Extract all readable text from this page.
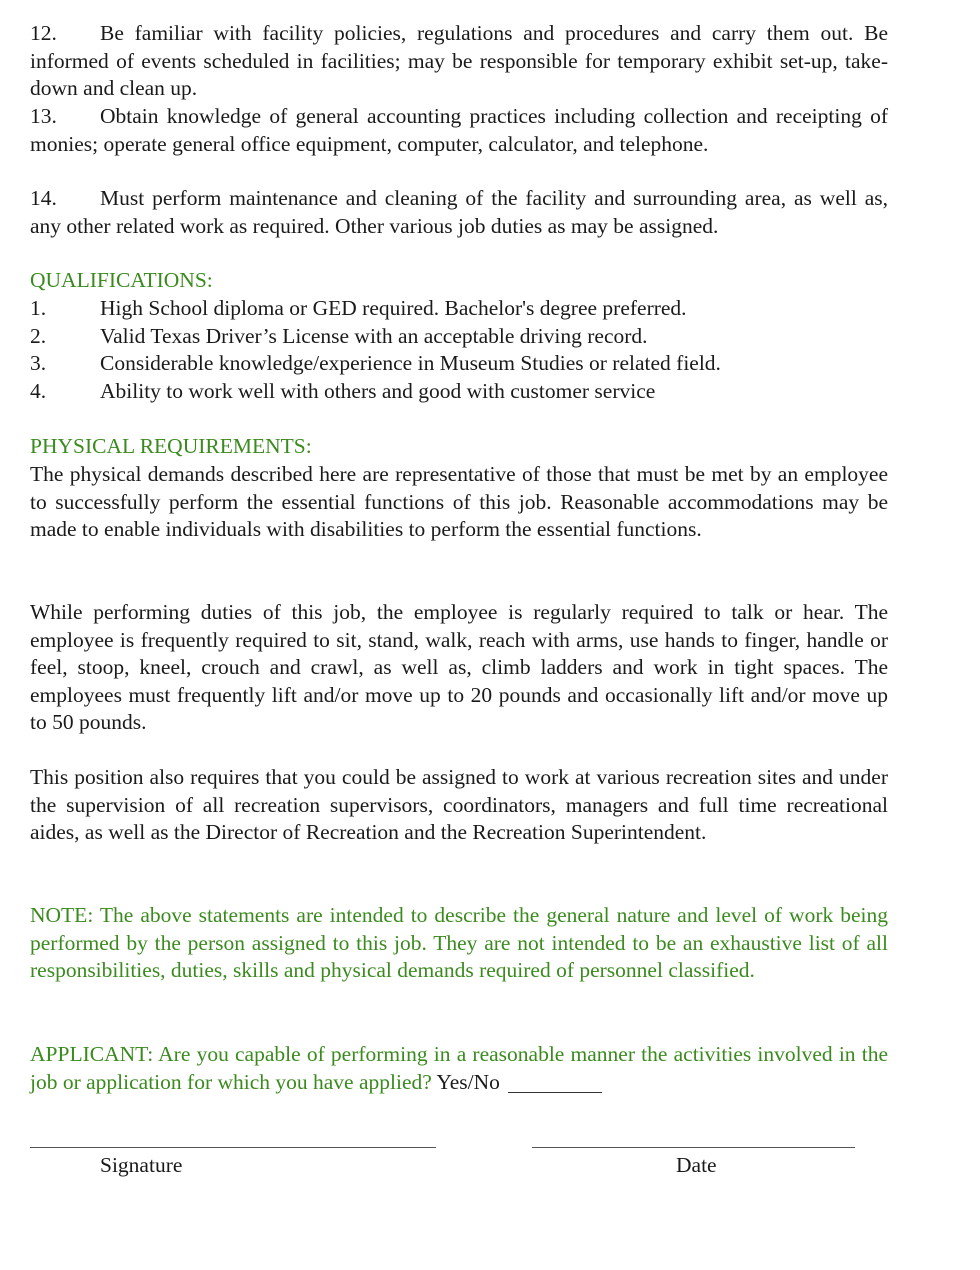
12. Be familiar with facility policies, regulations and procedures and carry them out. Be informed of events scheduled in facilities; may be responsible for temporary exhibit set-up, take-down and clean up.

13. Obtain knowledge of general accounting practices including collection and receipting of monies; operate general office equipment, computer, calculator, and telephone.

14. Must perform maintenance and cleaning of the facility and surrounding area, as well as, any other related work as required. Other various job duties as may be assigned.

QUALIFICATIONS:
1.	High School diploma or GED required. Bachelor's degree preferred.
2.	Valid Texas Driver’s License with an acceptable driving record.
3.	Considerable knowledge/experience in Museum Studies or related field.
4.	Ability to work well with others and good with customer service
PHYSICAL REQUIREMENTS:

The physical demands described here are representative of those that must be met by an employee to successfully perform the essential functions of this job. Reasonable accommodations may be made to enable individuals with disabilities to perform the essential functions.

While performing duties of this job, the employee is regularly required to talk or hear. The employee is frequently required to sit, stand, walk, reach with arms, use hands to finger, handle or feel, stoop, kneel, crouch and crawl, as well as, climb ladders and work in tight spaces. The employees must frequently lift and/or move up to 20 pounds and occasionally lift and/or move up to 50 pounds.

This position also requires that you could be assigned to work at various recreation sites and under the supervision of all recreation supervisors, coordinators, managers and full time recreational aides, as well as the Director of Recreation and the Recreation Superintendent.

NOTE: The above statements are intended to describe the general nature and level of work being performed by the person assigned to this job. They are not intended to be an exhaustive list of all responsibilities, duties, skills and physical demands required of personnel classified.

APPLICANT: Are you capable of performing in a reasonable manner the activities involved in the job or application for which you have applied? Yes/No

Signature	Date
